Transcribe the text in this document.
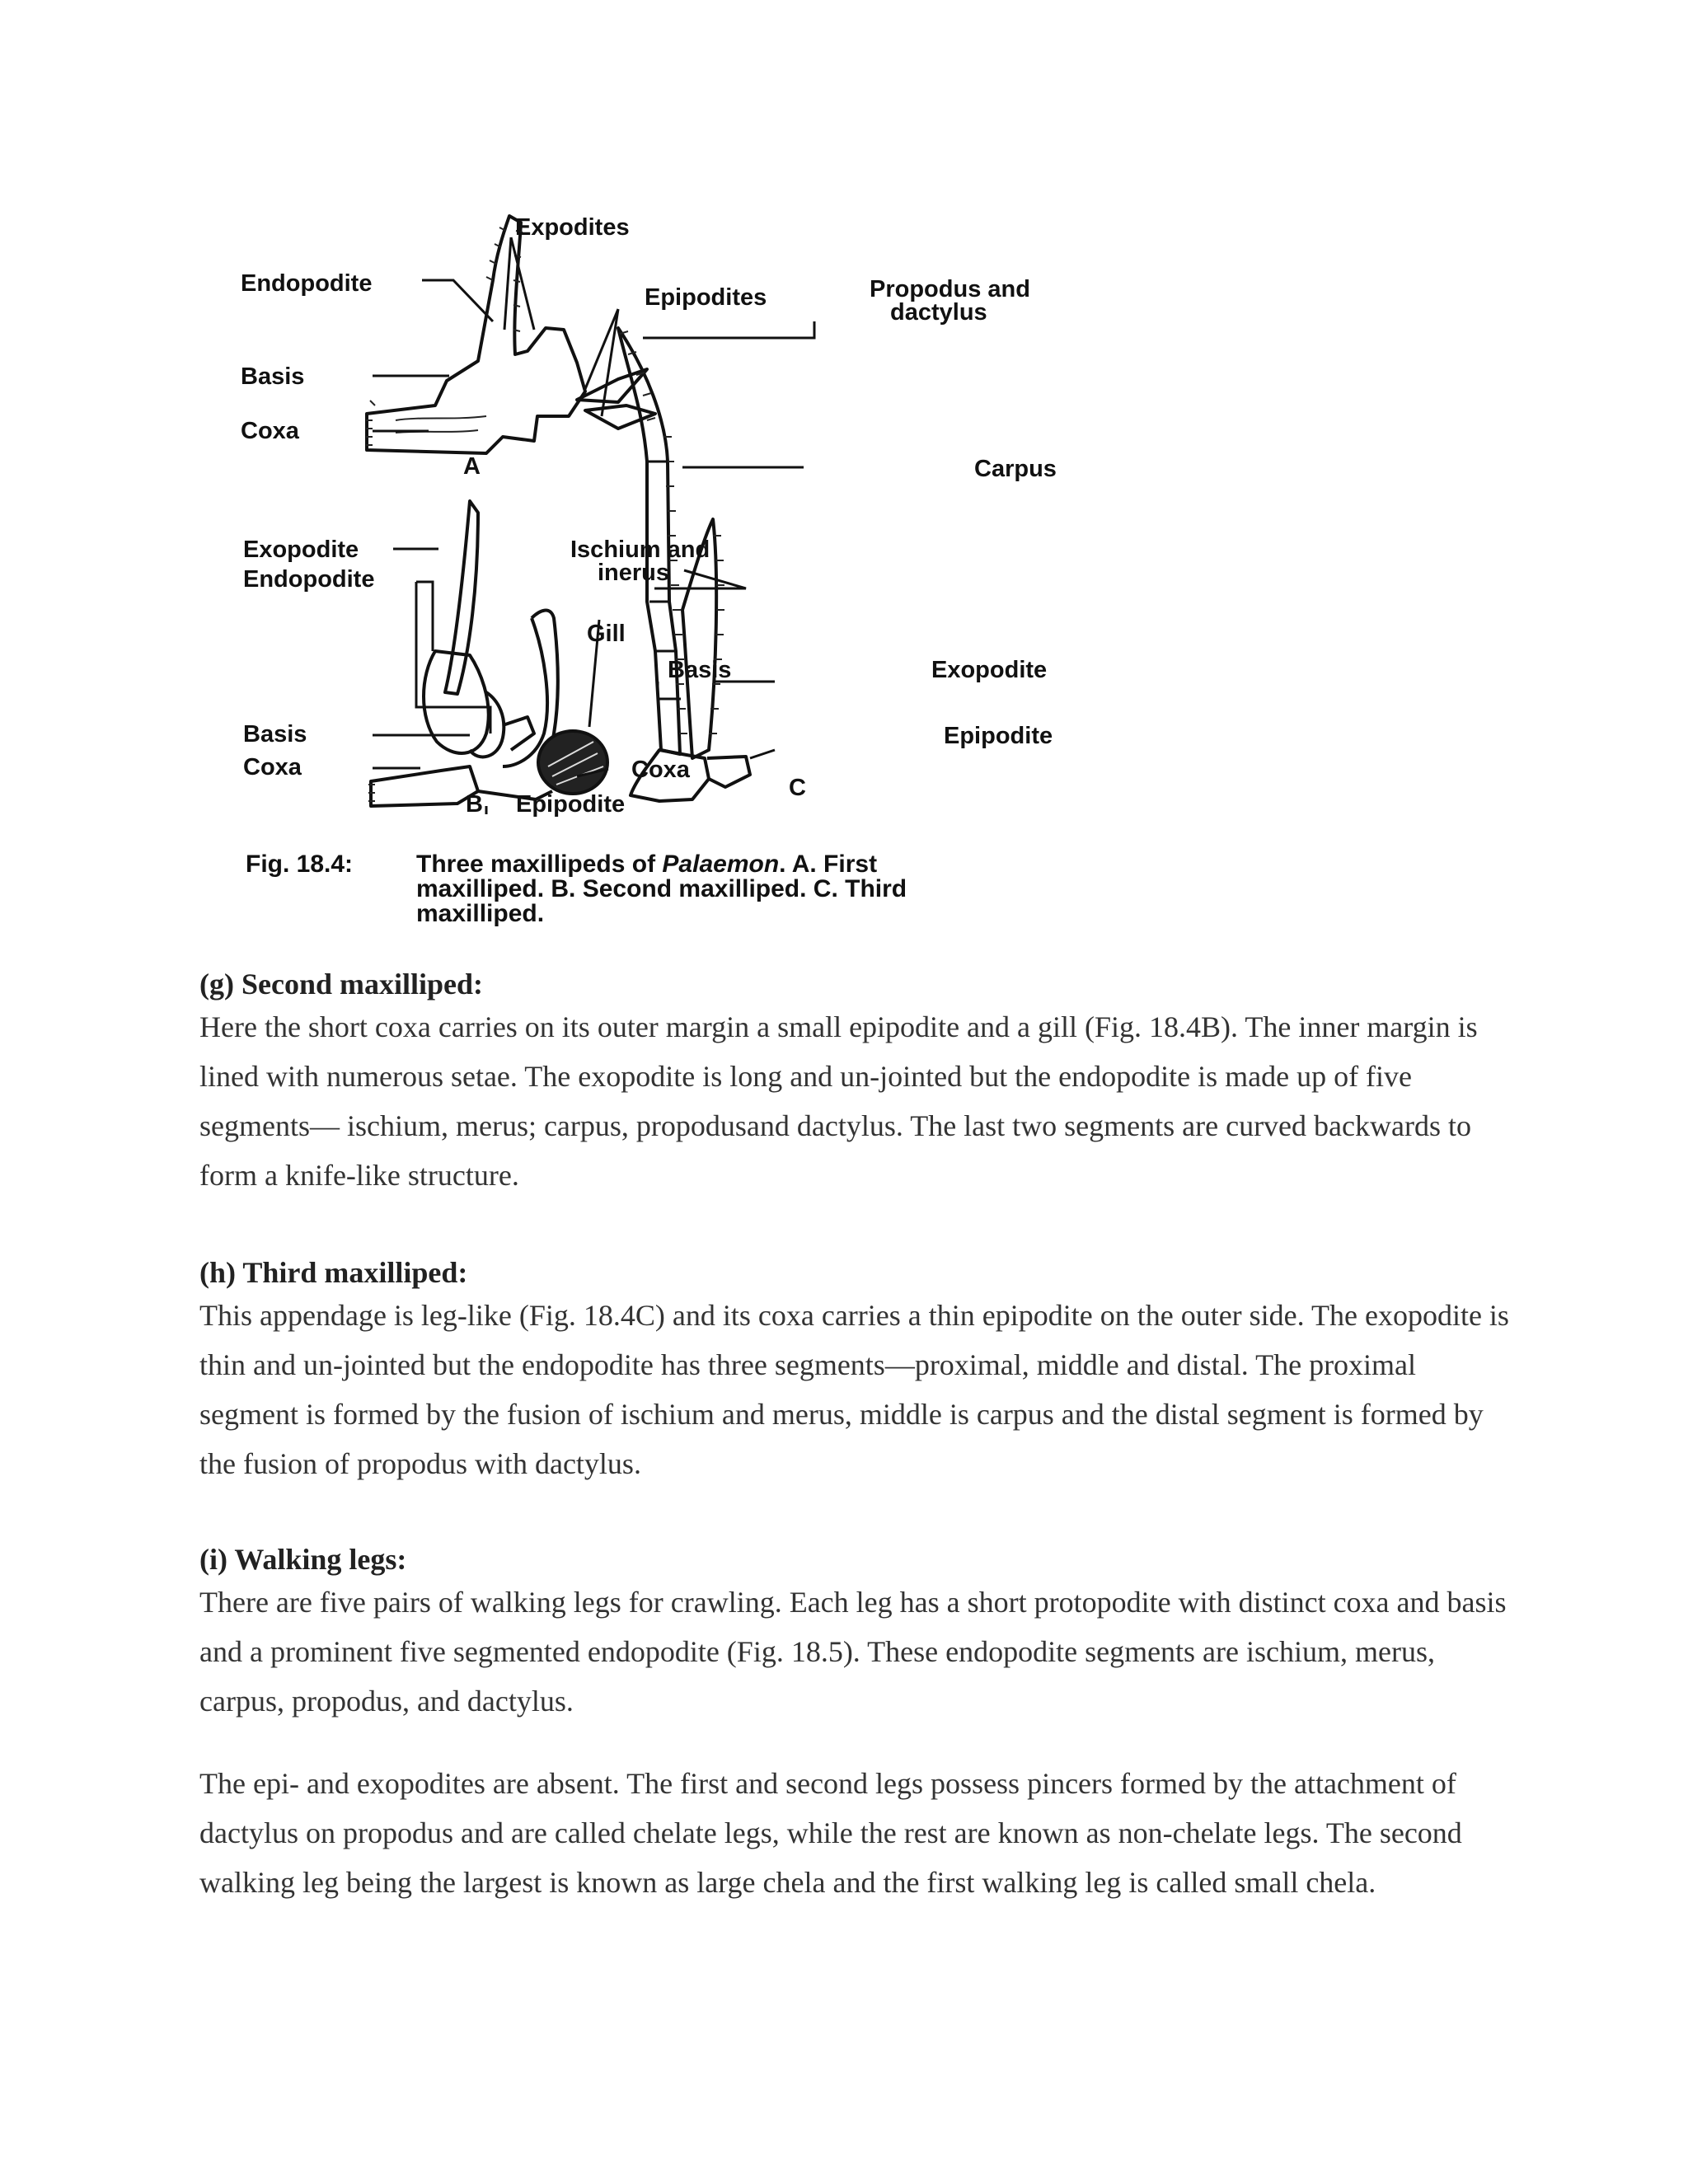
Expodites
Endopodite
Epipodites	Propodus and
dactylus
Basis
Coxa
A	Carpus
Exopodite	Ischium and
inerus
Endopodite
Gill
Basis	Exopodite
Basis	Epipodite
Coxa	Coxa
C
B Epipodite
Fig. 18.4:	Three maxillipeds of Palaemon. A. First
maxilliped. B. Second maxilliped. C. Third
maxilliped.
(g) Second maxilliped:

Here the short coxa carries on its outer margin a small epipodite and a gill (Fig. 18.4B). The inner margin is lined with numerous setae. The exopodite is long and un-jointed but the endopodite is made up of five segments— ischium, merus; carpus, propodusand dactylus. The last two segments are curved backwards to form a knife-like structure.

(h) Third maxilliped:

This appendage is leg-like (Fig. 18.4C) and its coxa carries a thin epipodite on the outer side. The exopodite is thin and un-jointed but the endopodite has three segments—proximal, middle and distal. The proximal segment is formed by the fusion of ischium and merus, middle is carpus and the distal segment is formed by the fusion of propodus with dactylus.

(i) Walking legs:

There are five pairs of walking legs for crawling. Each leg has a short protopodite with distinct coxa and basis and a prominent five segmented endopodite (Fig. 18.5). These endopodite segments are ischium, merus, carpus, propodus, and dactylus.

The epi- and exopodites are absent. The first and second legs possess pincers formed by the attachment of dactylus on propodus and are called chelate legs, while the rest are known as non-chelate legs. The second walking leg being the largest is known as large chela and the first walking leg is called small chela.
